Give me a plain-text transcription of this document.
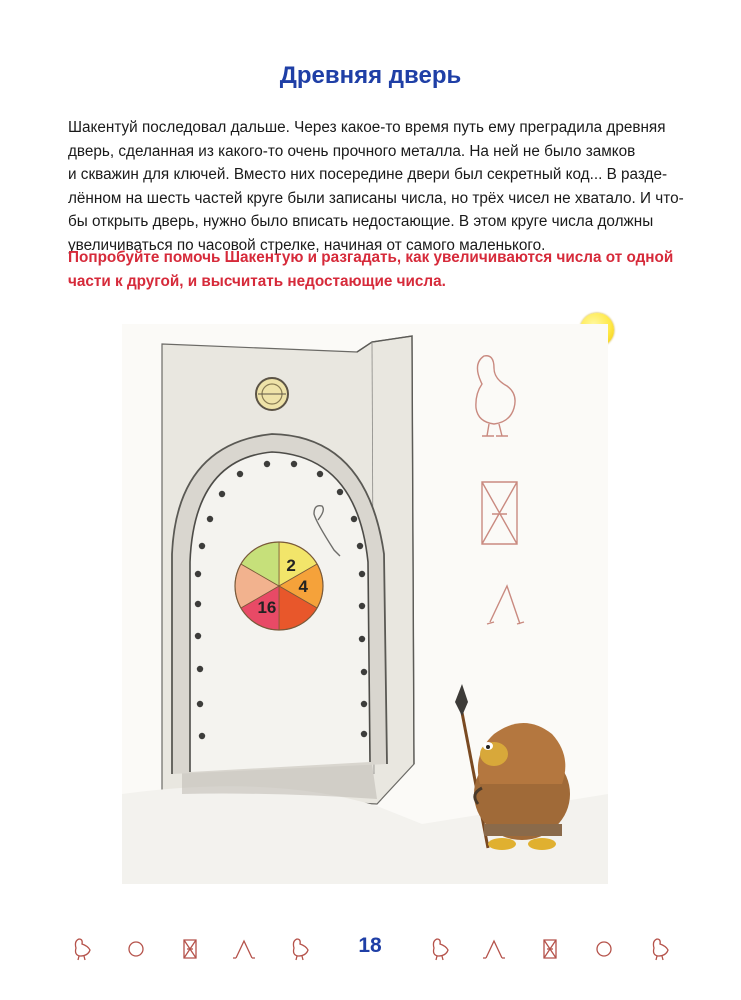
Древняя дверь
Шакентуй последовал дальше. Через какое-то время путь ему преградила древняя
дверь, сделанная из какого-то очень прочного металла. На ней не было замков
и скважин для ключей. Вместо них посередине двери был секретный код... В разде-
лённом на шесть частей круге были записаны числа, но трёх чисел не хватало. И что-
бы открыть дверь, нужно было вписать недостающие. В этом круге числа должны
увеличиваться по часовой стрелке, начиная от самого маленького.
Попробуйте помочь Шакентую и разгадать, как увеличиваются числа от одной
части к другой, и высчитать недостающие числа.
2
4
16
18
